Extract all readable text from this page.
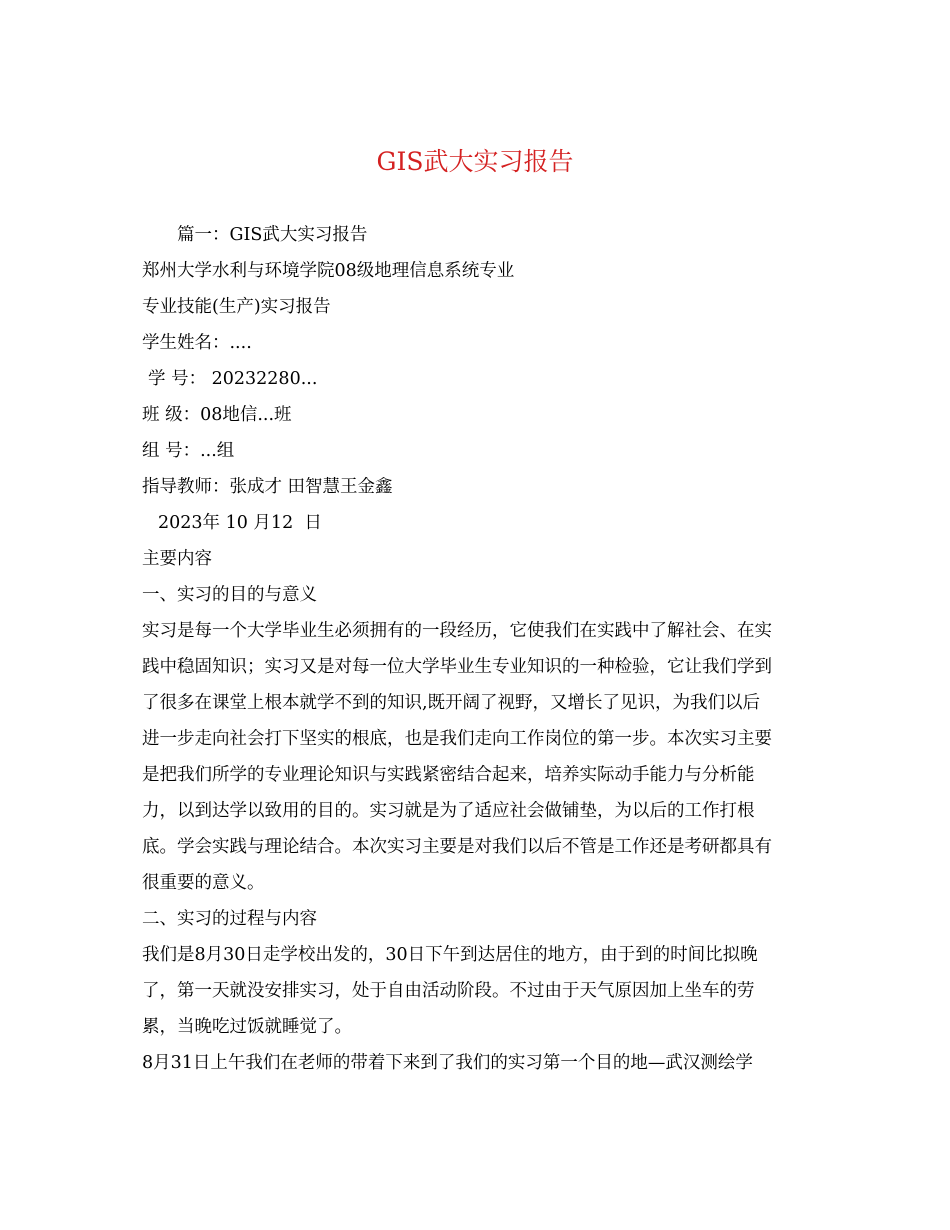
GIS武大实习报告
篇一：GIS武大实习报告
郑州大学水利与环境学院08级地理信息系统专业
专业技能(生产)实习报告
学生姓名：....
学 号： 20232280...
班 级：08地信...班
组 号：...组
指导教师：张成才 田智慧王金鑫
2023年 10 月12  日
主要内容
一、实习的目的与意义
实习是每一个大学毕业生必须拥有的一段经历，它使我们在实践中了解社会、在实
践中稳固知识；实习又是对每一位大学毕业生专业知识的一种检验，它让我们学到
了很多在课堂上根本就学不到的知识,既开阔了视野，又增长了见识，为我们以后
进一步走向社会打下坚实的根底，也是我们走向工作岗位的第一步。本次实习主要
是把我们所学的专业理论知识与实践紧密结合起来，培养实际动手能力与分析能
力，以到达学以致用的目的。实习就是为了适应社会做铺垫，为以后的工作打根
底。学会实践与理论结合。本次实习主要是对我们以后不管是工作还是考研都具有
很重要的意义。
二、实习的过程与内容
我们是8月30日走学校出发的，30日下午到达居住的地方，由于到的时间比拟晚
了，第一天就没安排实习，处于自由活动阶段。不过由于天气原因加上坐车的劳
累，当晚吃过饭就睡觉了。
8月31日上午我们在老师的带着下来到了我们的实习第一个目的地—武汉测绘学
